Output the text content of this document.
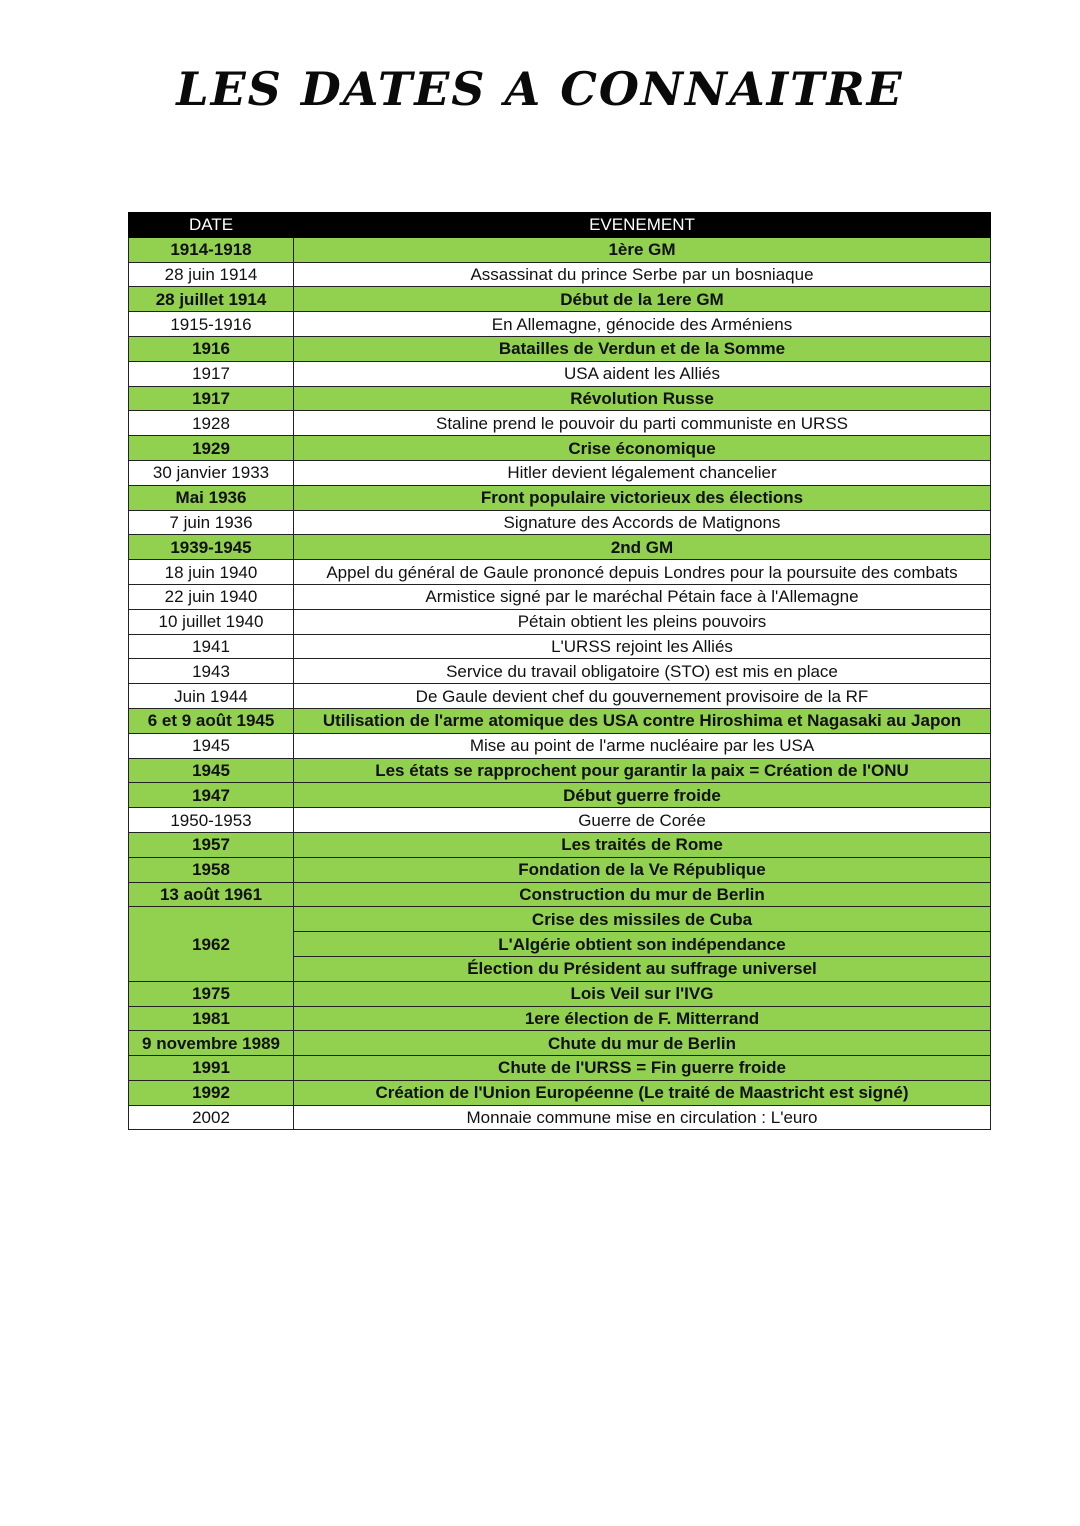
LES DATES A CONNAITRE
DATE	EVENEMENT
1914-1918	1ère GM
28 juin 1914	Assassinat du prince Serbe par un bosniaque
28 juillet 1914	Début de la 1ere GM
1915-1916	En Allemagne, génocide des Arméniens
1916	Batailles de Verdun et de la Somme
1917	USA aident les Alliés
1917	Révolution Russe
1928	Staline prend le pouvoir du parti communiste en URSS
1929	Crise économique
30 janvier 1933	Hitler devient légalement chancelier
Mai 1936	Front populaire victorieux des élections
7 juin 1936	Signature des Accords de Matignons
1939-1945	2nd GM
18 juin 1940	Appel du général de Gaule prononcé depuis Londres pour la poursuite des combats
22 juin 1940	Armistice signé par le maréchal Pétain face à l'Allemagne
10 juillet 1940	Pétain obtient les pleins pouvoirs
1941	L'URSS rejoint les Alliés
1943	Service du travail obligatoire (STO) est mis en place
Juin 1944	De Gaule devient chef du gouvernement provisoire de la RF
6 et 9 août 1945	Utilisation de l'arme atomique des USA contre Hiroshima et Nagasaki au Japon
1945	Mise au point de l'arme nucléaire par les USA
1945	Les états se rapprochent pour garantir la paix = Création de l'ONU
1947	Début guerre froide
1950-1953	Guerre de Corée
1957	Les traités de Rome
1958	Fondation de la Ve République
13 août 1961	Construction du mur de Berlin
1962	Crise des missiles de Cuba
	L'Algérie obtient son indépendance
	Élection du Président au suffrage universel
1975	Lois Veil sur l'IVG
1981	1ere élection de F. Mitterrand
9 novembre 1989	Chute du mur de Berlin
1991	Chute de l'URSS = Fin guerre froide
1992	Création de l'Union Européenne (Le traité de Maastricht est signé)
2002	Monnaie commune mise en circulation : L'euro
